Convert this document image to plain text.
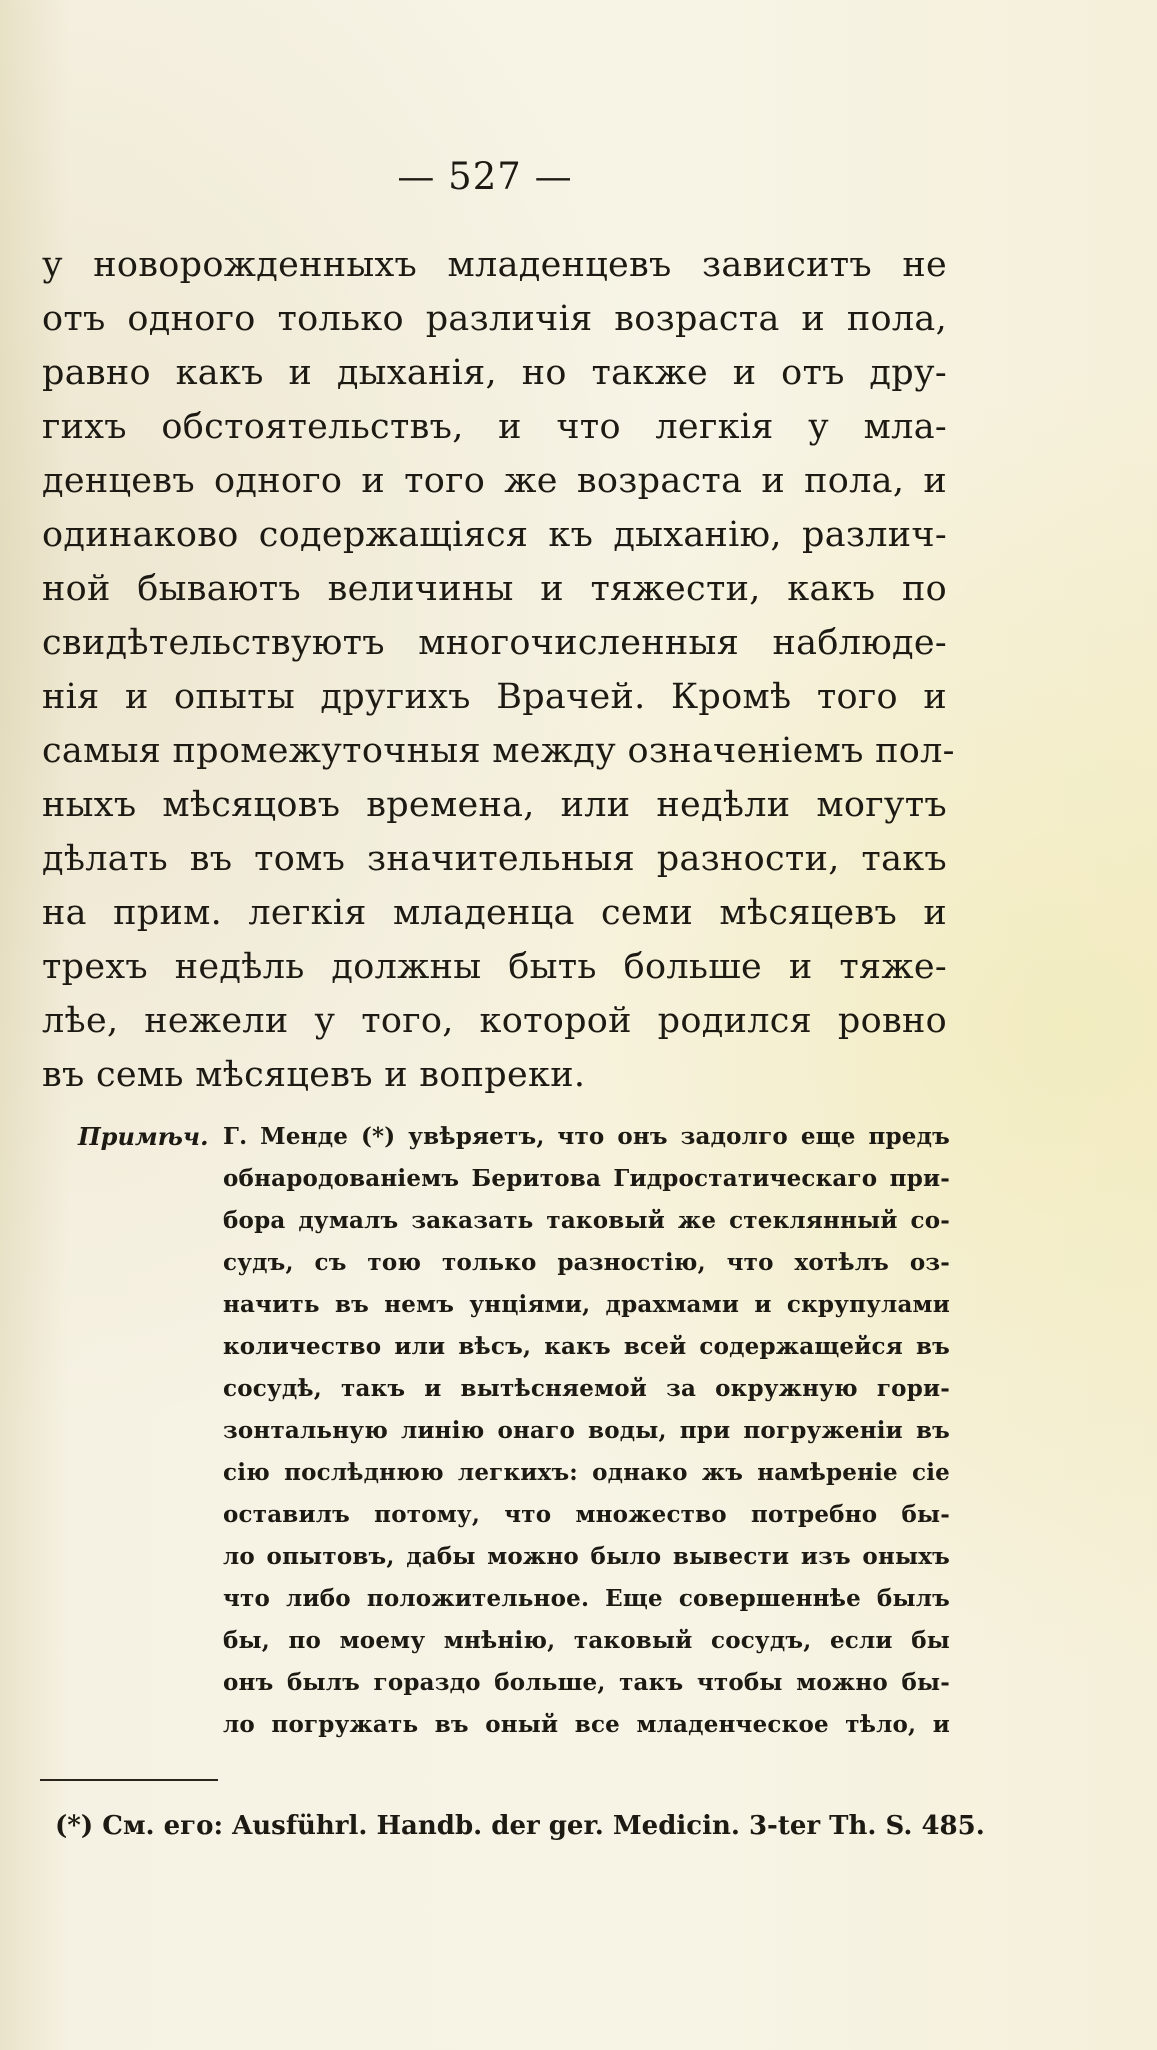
— 527 —
у новорожденныхъ младенцевъ зависитъ не
отъ одного только различія возраста и пола,
равно какъ и дыханія, но также и отъ дру-
гихъ обстоятельствъ, и что легкія у мла-
денцевъ одного и того же возраста и пола, и
одинаково содержащіяся къ дыханію, различ-
ной бываютъ величины и тяжести, какъ по
свидѣтельствуютъ многочисленныя наблюде-
нія и опыты другихъ Врачей. Кромѣ того и
самыя промежуточныя между означеніемъ пол-
ныхъ мѣсяцовъ времена, или недѣли могутъ
дѣлать въ томъ значительныя разности, такъ
на прим. легкія младенца семи мѣсяцевъ и
трехъ недѣль должны быть больше и тяже-
лѣе, нежели у того, которой родился ровно
въ семь мѣсяцевъ и вопреки.
Примѣч. Г. Менде (*) увѣряетъ, что онъ задолго еще предъ
обнародованіемъ Беритова Гидростатическаго при-
бора думалъ заказать таковый же стеклянный со-
судъ, съ тою только разностію, что хотѣлъ оз-
начить въ немъ унціями, драхмами и скрупулами
количество или вѣсъ, какъ всей содержащейся въ
сосудѣ, такъ и вытѣсняемой за окружную гори-
зонтальную линію онаго воды, при погруженіи въ
сію послѣднюю легкихъ: однако жъ намѣреніе сіе
оставилъ потому, что множество потребно бы-
ло опытовъ, дабы можно было вывести изъ оныхъ
что либо положительное. Еще совершеннѣе былъ
бы, по моему мнѣнію, таковый сосудъ, если бы
онъ былъ гораздо больше, такъ чтобы можно бы-
ло погружать въ оный все младенческое тѣло, и
(*) См. его: Ausführl. Handb. der ger. Medicin. 3-ter Th. S. 485.
